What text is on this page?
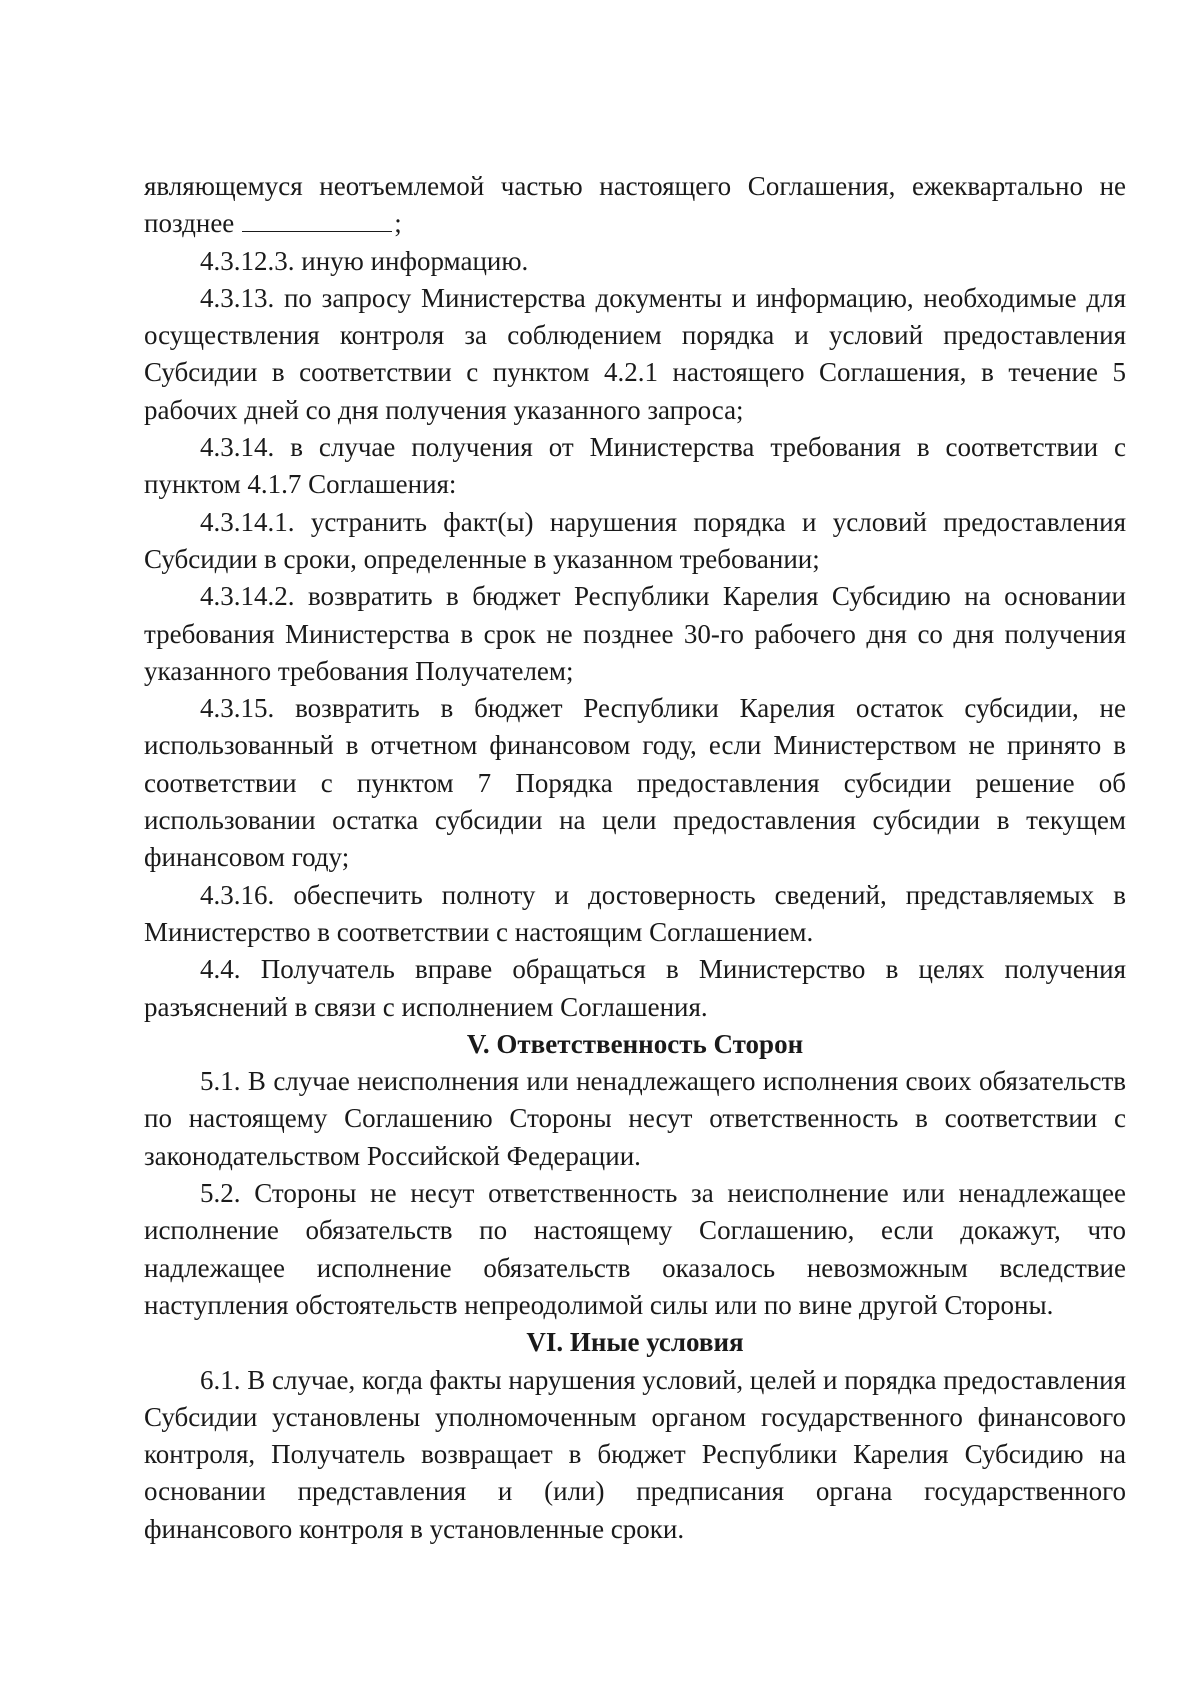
являющемуся неотъемлемой частью настоящего Соглашения, ежеквартально не позднее	;

4.3.12.3. иную информацию.

4.3.13. по запросу Министерства документы и информацию, необходимые для осуществления контроля за соблюдением порядка и условий предоставления Субсидии в соответствии с пунктом 4.2.1 настоящего Соглашения, в течение 5 рабочих дней со дня получения указанного запроса;

4.3.14. в случае получения от Министерства требования в соответствии с пунктом 4.1.7 Соглашения:

4.3.14.1. устранить факт(ы) нарушения порядка и условий предоставления Субсидии в сроки, определенные в указанном требовании;

4.3.14.2. возвратить в бюджет Республики Карелия Субсидию на основании требования Министерства в срок не позднее 30-го рабочего дня со дня получения указанного требования Получателем;

4.3.15. возвратить в бюджет Республики Карелия остаток субсидии, не использованный в отчетном финансовом году, если Министерством не принято в соответствии с пунктом 7 Порядка предоставления субсидии решение об использовании остатка субсидии на цели предоставления субсидии в текущем финансовом году;

4.3.16. обеспечить полноту и достоверность сведений, представляемых в Министерство в соответствии с настоящим Соглашением.

4.4. Получатель вправе обращаться в Министерство в целях получения разъяснений в связи с исполнением Соглашения.

V. Ответственность Сторон

5.1. В случае неисполнения или ненадлежащего исполнения своих обязательств по настоящему Соглашению Стороны несут ответственность в соответствии с законодательством Российской Федерации.

5.2. Стороны не несут ответственность за неисполнение или ненадлежащее исполнение обязательств по настоящему Соглашению, если докажут, что надлежащее исполнение обязательств оказалось невозможным вследствие наступления обстоятельств непреодолимой силы или по вине другой Стороны.

VI. Иные условия

6.1. В случае, когда факты нарушения условий, целей и порядка предоставления Субсидии установлены уполномоченным органом государственного финансового контроля, Получатель возвращает в бюджет Республики Карелия Субсидию на основании представления и (или) предписания органа государственного финансового контроля в установленные сроки.
